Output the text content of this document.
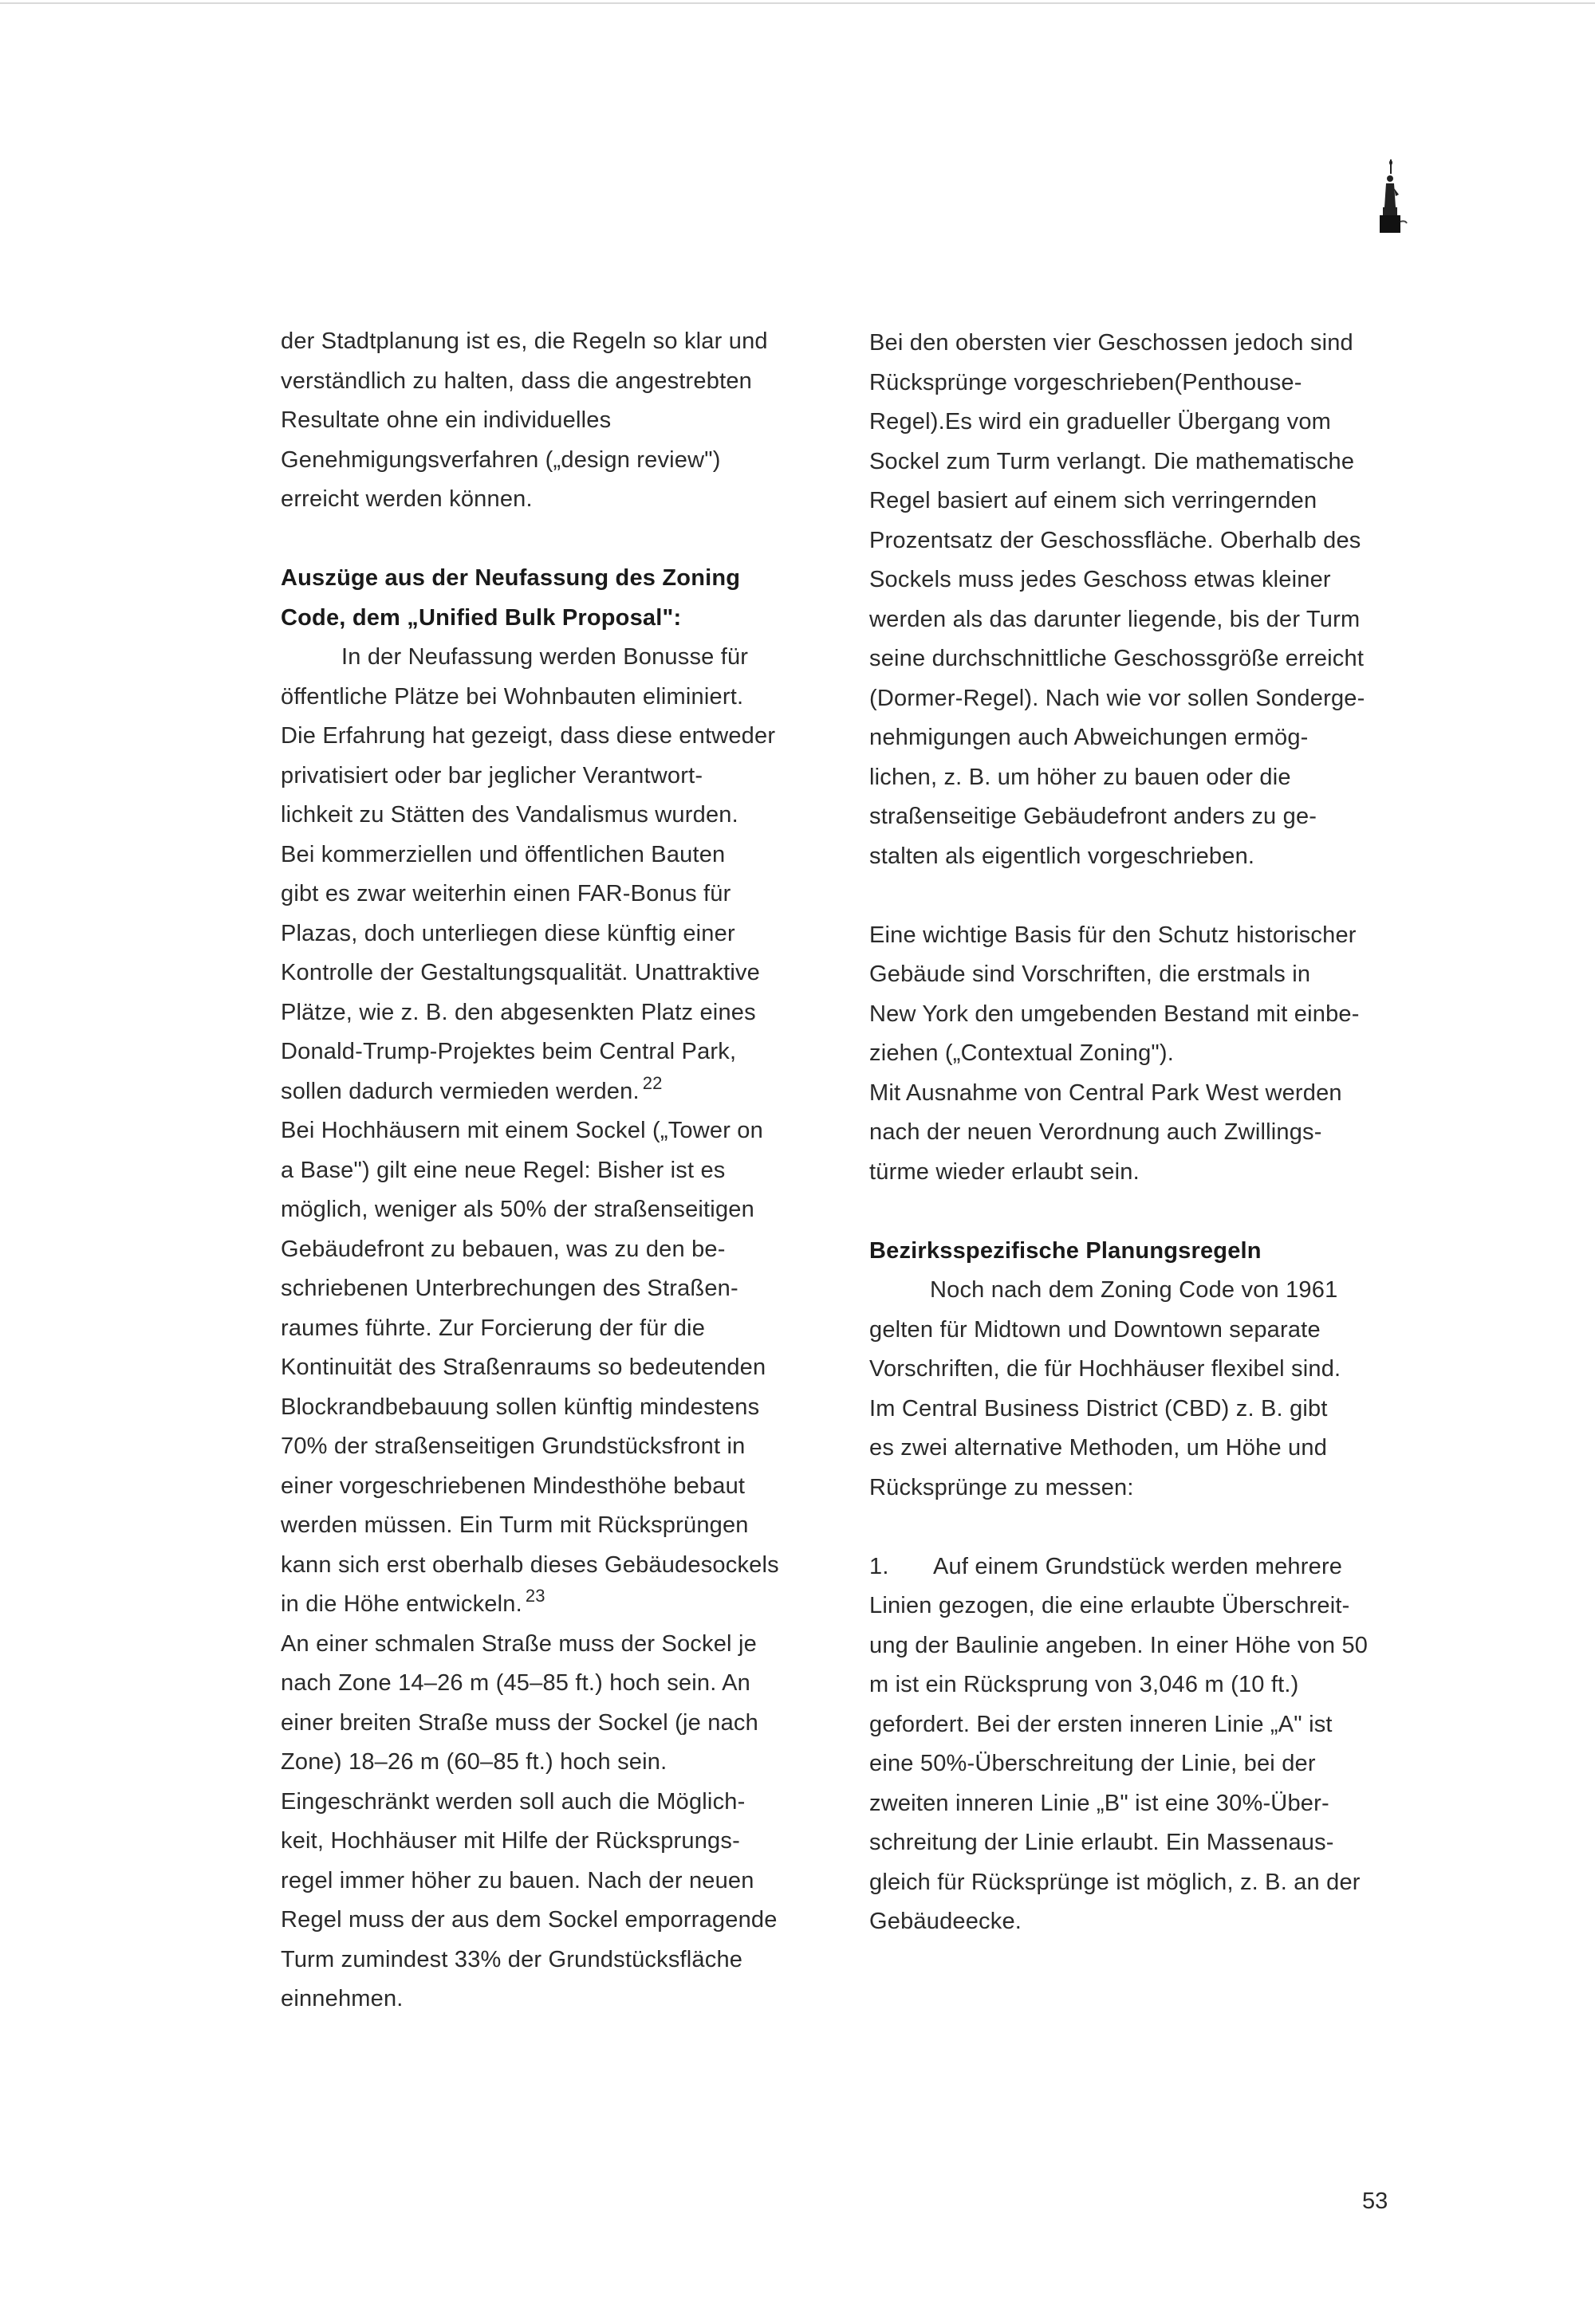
der Stadtplanung ist es, die Regeln so klar und
verständlich zu halten, dass die angestrebten
Resultate ohne ein individuelles
Genehmigungsverfahren („design review")
erreicht werden können.
Auszüge aus der Neufassung des Zoning
Code, dem „Unified Bulk Proposal":
In der Neufassung werden Bonusse für
öffentliche Plätze bei Wohnbauten eliminiert.
Die Erfahrung hat gezeigt, dass diese entweder
privatisiert oder bar jeglicher Verantwort-
lichkeit zu Stätten des Vandalismus wurden.
Bei kommerziellen und öffentlichen Bauten
gibt es zwar weiterhin einen FAR-Bonus für
Plazas, doch unterliegen diese künftig einer
Kontrolle der Gestaltungsqualität. Unattraktive
Plätze, wie z. B. den abgesenkten Platz eines
Donald-Trump-Projektes beim Central Park,
sollen dadurch vermieden werden. $^{22}$
Bei Hochhäusern mit einem Sockel („Tower on
a Base") gilt eine neue Regel: Bisher ist es
möglich, weniger als 50% der straßenseitigen
Gebäudefront zu bebauen, was zu den be-
schriebenen Unterbrechungen des Straßen-
raumes führte. Zur Forcierung der für die
Kontinuität des Straßenraums so bedeutenden
Blockrandbebauung sollen künftig mindestens
70% der straßenseitigen Grundstücksfront in
einer vorgeschriebenen Mindesthöhe bebaut
werden müssen. Ein Turm mit Rücksprüngen
kann sich erst oberhalb dieses Gebäudesockels
in die Höhe entwickeln. $^{23}$
An einer schmalen Straße muss der Sockel je
nach Zone 14–26 m (45–85 ft.) hoch sein. An
einer breiten Straße muss der Sockel (je nach
Zone) 18–26 m (60–85 ft.) hoch sein.
Eingeschränkt werden soll auch die Möglich-
keit, Hochhäuser mit Hilfe der Rücksprungs-
regel immer höher zu bauen. Nach der neuen
Regel muss der aus dem Sockel emporragende
Turm zumindest 33% der Grundstücksfläche
einnehmen.
Bei den obersten vier Geschossen jedoch sind
Rücksprünge vorgeschrieben(Penthouse-
Regel).Es wird ein gradueller Übergang vom
Sockel zum Turm verlangt. Die mathematische
Regel basiert auf einem sich verringernden
Prozentsatz der Geschossfläche. Oberhalb des
Sockels muss jedes Geschoss etwas kleiner
werden als das darunter liegende, bis der Turm
seine durchschnittliche Geschossgröße erreicht
(Dormer-Regel). Nach wie vor sollen Sonderge-
nehmigungen auch Abweichungen ermög-
lichen, z. B. um höher zu bauen oder die
straßenseitige Gebäudefront anders zu ge-
stalten als eigentlich vorgeschrieben.
Eine wichtige Basis für den Schutz historischer
Gebäude sind Vorschriften, die erstmals in
New York den umgebenden Bestand mit einbe-
ziehen („Contextual Zoning").
Mit Ausnahme von Central Park West werden
nach der neuen Verordnung auch Zwillings-
türme wieder erlaubt sein.
Bezirksspezifische Planungsregeln
Noch nach dem Zoning Code von 1961
gelten für Midtown und Downtown separate
Vorschriften, die für Hochhäuser flexibel sind.
Im Central Business District (CBD) z. B. gibt
es zwei alternative Methoden, um Höhe und
Rücksprünge zu messen:
1. Auf einem Grundstück werden mehrere
Linien gezogen, die eine erlaubte Überschreit-
ung der Baulinie angeben. In einer Höhe von 50
m ist ein Rücksprung von 3,046 m (10 ft.)
gefordert. Bei der ersten inneren Linie „A" ist
eine 50%-Überschreitung der Linie, bei der
zweiten inneren Linie „B" ist eine 30%-Über-
schreitung der Linie erlaubt. Ein Massenaus-
gleich für Rücksprünge ist möglich, z. B. an der
Gebäudeecke.
53
